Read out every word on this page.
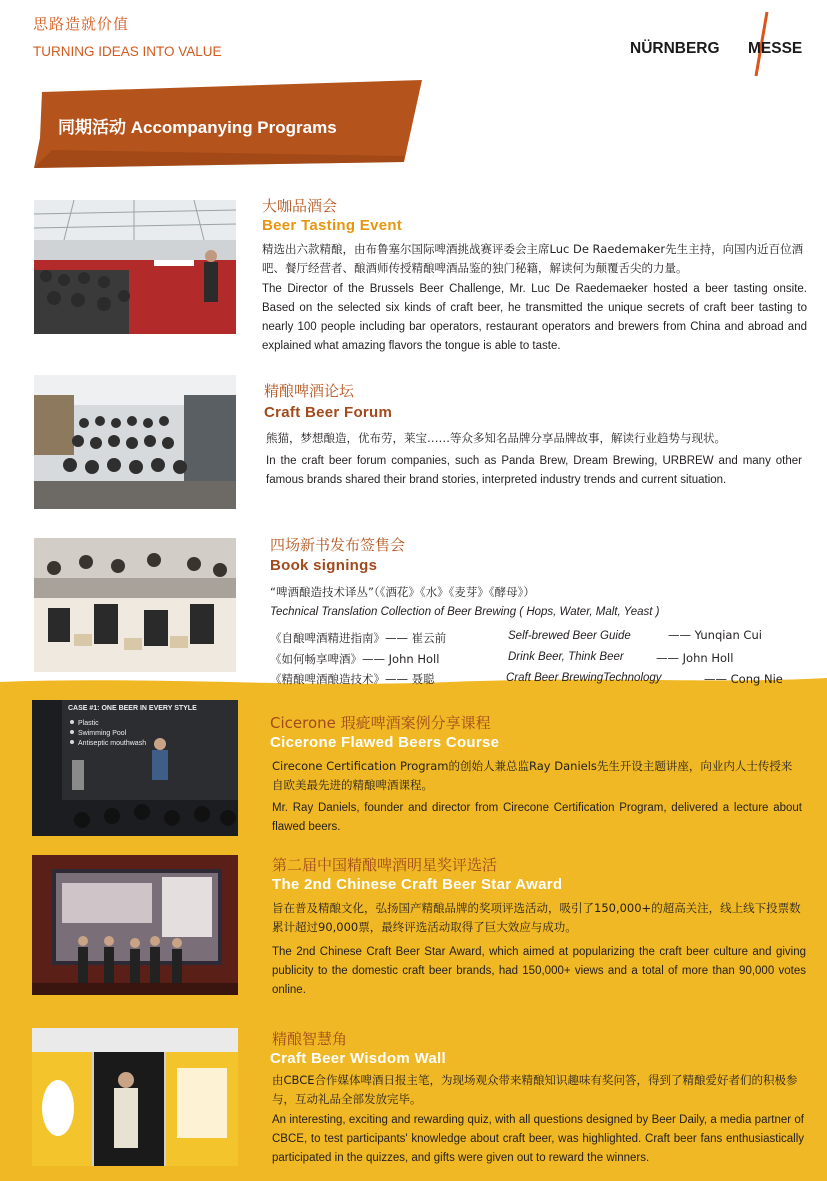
思路造就价值
TURNING IDEAS INTO VALUE	NÜRNBERG MESSE
同期活动 Accompanying Programs
大咖品酒会
Beer Tasting Event
精选出六款精酿，由布鲁塞尔国际啤酒挑战赛评委会主席Luc De Raedemaker先生主持，向国内近百位酒吧、餐厅经营者、酿酒师传授精酿啤酒品鉴的独门秘籍，解读何为颠覆舌尖的力量。
The Director of the Brussels Beer Challenge, Mr. Luc De Raedemaeker hosted a beer tasting onsite. Based on the selected six kinds of craft beer, he transmitted the unique secrets of craft beer tasting to nearly 100 people including bar operators, restaurant operators and brewers from China and abroad and explained what amazing flavors the tongue is able to taste.
精酿啤酒论坛
Craft Beer Forum
熊猫，梦想酿造，优布劳，莱宝……等众多知名品牌分享品牌故事，解读行业趋势与现状。
In the craft beer forum companies, such as Panda Brew, Dream Brewing, URBREW and many other famous brands shared their brand stories, interpreted industry trends and current situation.
四场新书发布签售会
Book signings
“啤酒酿造技术译丛”（《酒花》《水》《麦芽》《酵母》）
Technical Translation Collection of Beer Brewing ( Hops, Water, Malt, Yeast )
《自酿啤酒精进指南》—— 崔云前	Self-brewed Beer Guide	—— Yunqian Cui
《如何畅享啤酒》—— John Holl	Drink Beer, Think Beer	—— John Holl
《精酿啤酒酿造技术》—— 聂聪	Craft Beer BrewingTechnology	—— Cong Nie
CASE #1: ONE BEER IN EVERY STYLE
Plastic
Swimming Pool
Antiseptic mouthwash
Cicerone 瑕疵啤酒案例分享课程
Cicerone Flawed Beers Course
Cirecone Certification Program的创始人兼总监Ray Daniels先生开设主题讲座，向业内人士传授来自欧美最先进的精酿啤酒课程。
Mr. Ray Daniels, founder and director from Cirecone Certification Program, delivered a lecture about flawed beers.
第二届中国精酿啤酒明星奖评选活
The 2nd Chinese Craft Beer Star Award
旨在普及精酿文化，弘扬国产精酿品牌的奖项评选活动，吸引了150,000+的超高关注，线上线下投票数累计超过90,000票，最终评选活动取得了巨大效应与成功。
The 2nd Chinese Craft Beer Star Award, which aimed at popularizing the craft beer culture and giving publicity to the domestic craft beer brands, had 150,000+ views and a total of more than 90,000 votes online.
精酿智慧角
Craft Beer Wisdom Wall
由CBCE合作媒体啤酒日报主笔，为现场观众带来精酿知识趣味有奖问答，得到了精酿爱好者们的积极参与，互动礼品全部发放完毕。
An interesting, exciting and rewarding quiz, with all questions designed by Beer Daily, a media partner of CBCE, to test participants' knowledge about craft beer, was highlighted. Craft beer fans enthusiastically participated in the quizzes, and gifts were given out to reward the winners.
